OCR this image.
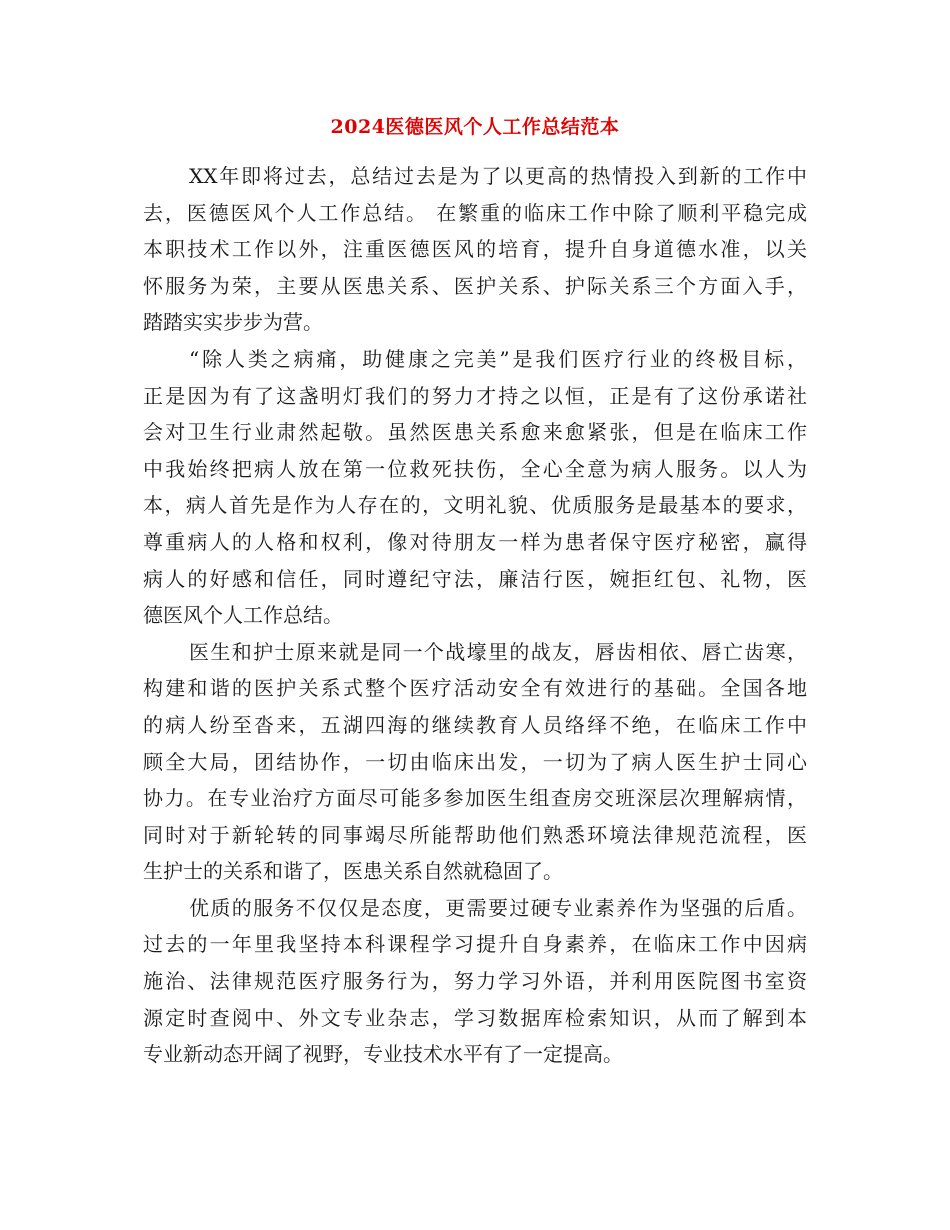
2024医德医风个人工作总结范本
XX年即将过去，总结过去是为了以更高的热情投入到新的工作中
去，医德医风个人工作总结。 在繁重的临床工作中除了顺利平稳完成
本职技术工作以外，注重医德医风的培育，提升自身道德水准，以关
怀服务为荣，主要从医患关系、医护关系、护际关系三个方面入手，
踏踏实实步步为营。
“除人类之病痛，助健康之完美”是我们医疗行业的终极目标，
正是因为有了这盏明灯我们的努力才持之以恒，正是有了这份承诺社
会对卫生行业肃然起敬。虽然医患关系愈来愈紧张，但是在临床工作
中我始终把病人放在第一位救死扶伤，全心全意为病人服务。以人为
本，病人首先是作为人存在的，文明礼貌、优质服务是最基本的要求，
尊重病人的人格和权利，像对待朋友一样为患者保守医疗秘密，赢得
病人的好感和信任，同时遵纪守法，廉洁行医，婉拒红包、礼物，医
德医风个人工作总结。
医生和护士原来就是同一个战壕里的战友，唇齿相依、唇亡齿寒，
构建和谐的医护关系式整个医疗活动安全有效进行的基础。全国各地
的病人纷至沓来，五湖四海的继续教育人员络绎不绝，在临床工作中
顾全大局，团结协作，一切由临床出发，一切为了病人医生护士同心
协力。在专业治疗方面尽可能多参加医生组查房交班深层次理解病情，
同时对于新轮转的同事竭尽所能帮助他们熟悉环境法律规范流程，医
生护士的关系和谐了，医患关系自然就稳固了。
优质的服务不仅仅是态度，更需要过硬专业素养作为坚强的后盾。
过去的一年里我坚持本科课程学习提升自身素养，在临床工作中因病
施治、法律规范医疗服务行为，努力学习外语，并利用医院图书室资
源定时查阅中、外文专业杂志，学习数据库检索知识，从而了解到本
专业新动态开阔了视野，专业技术水平有了一定提高。
